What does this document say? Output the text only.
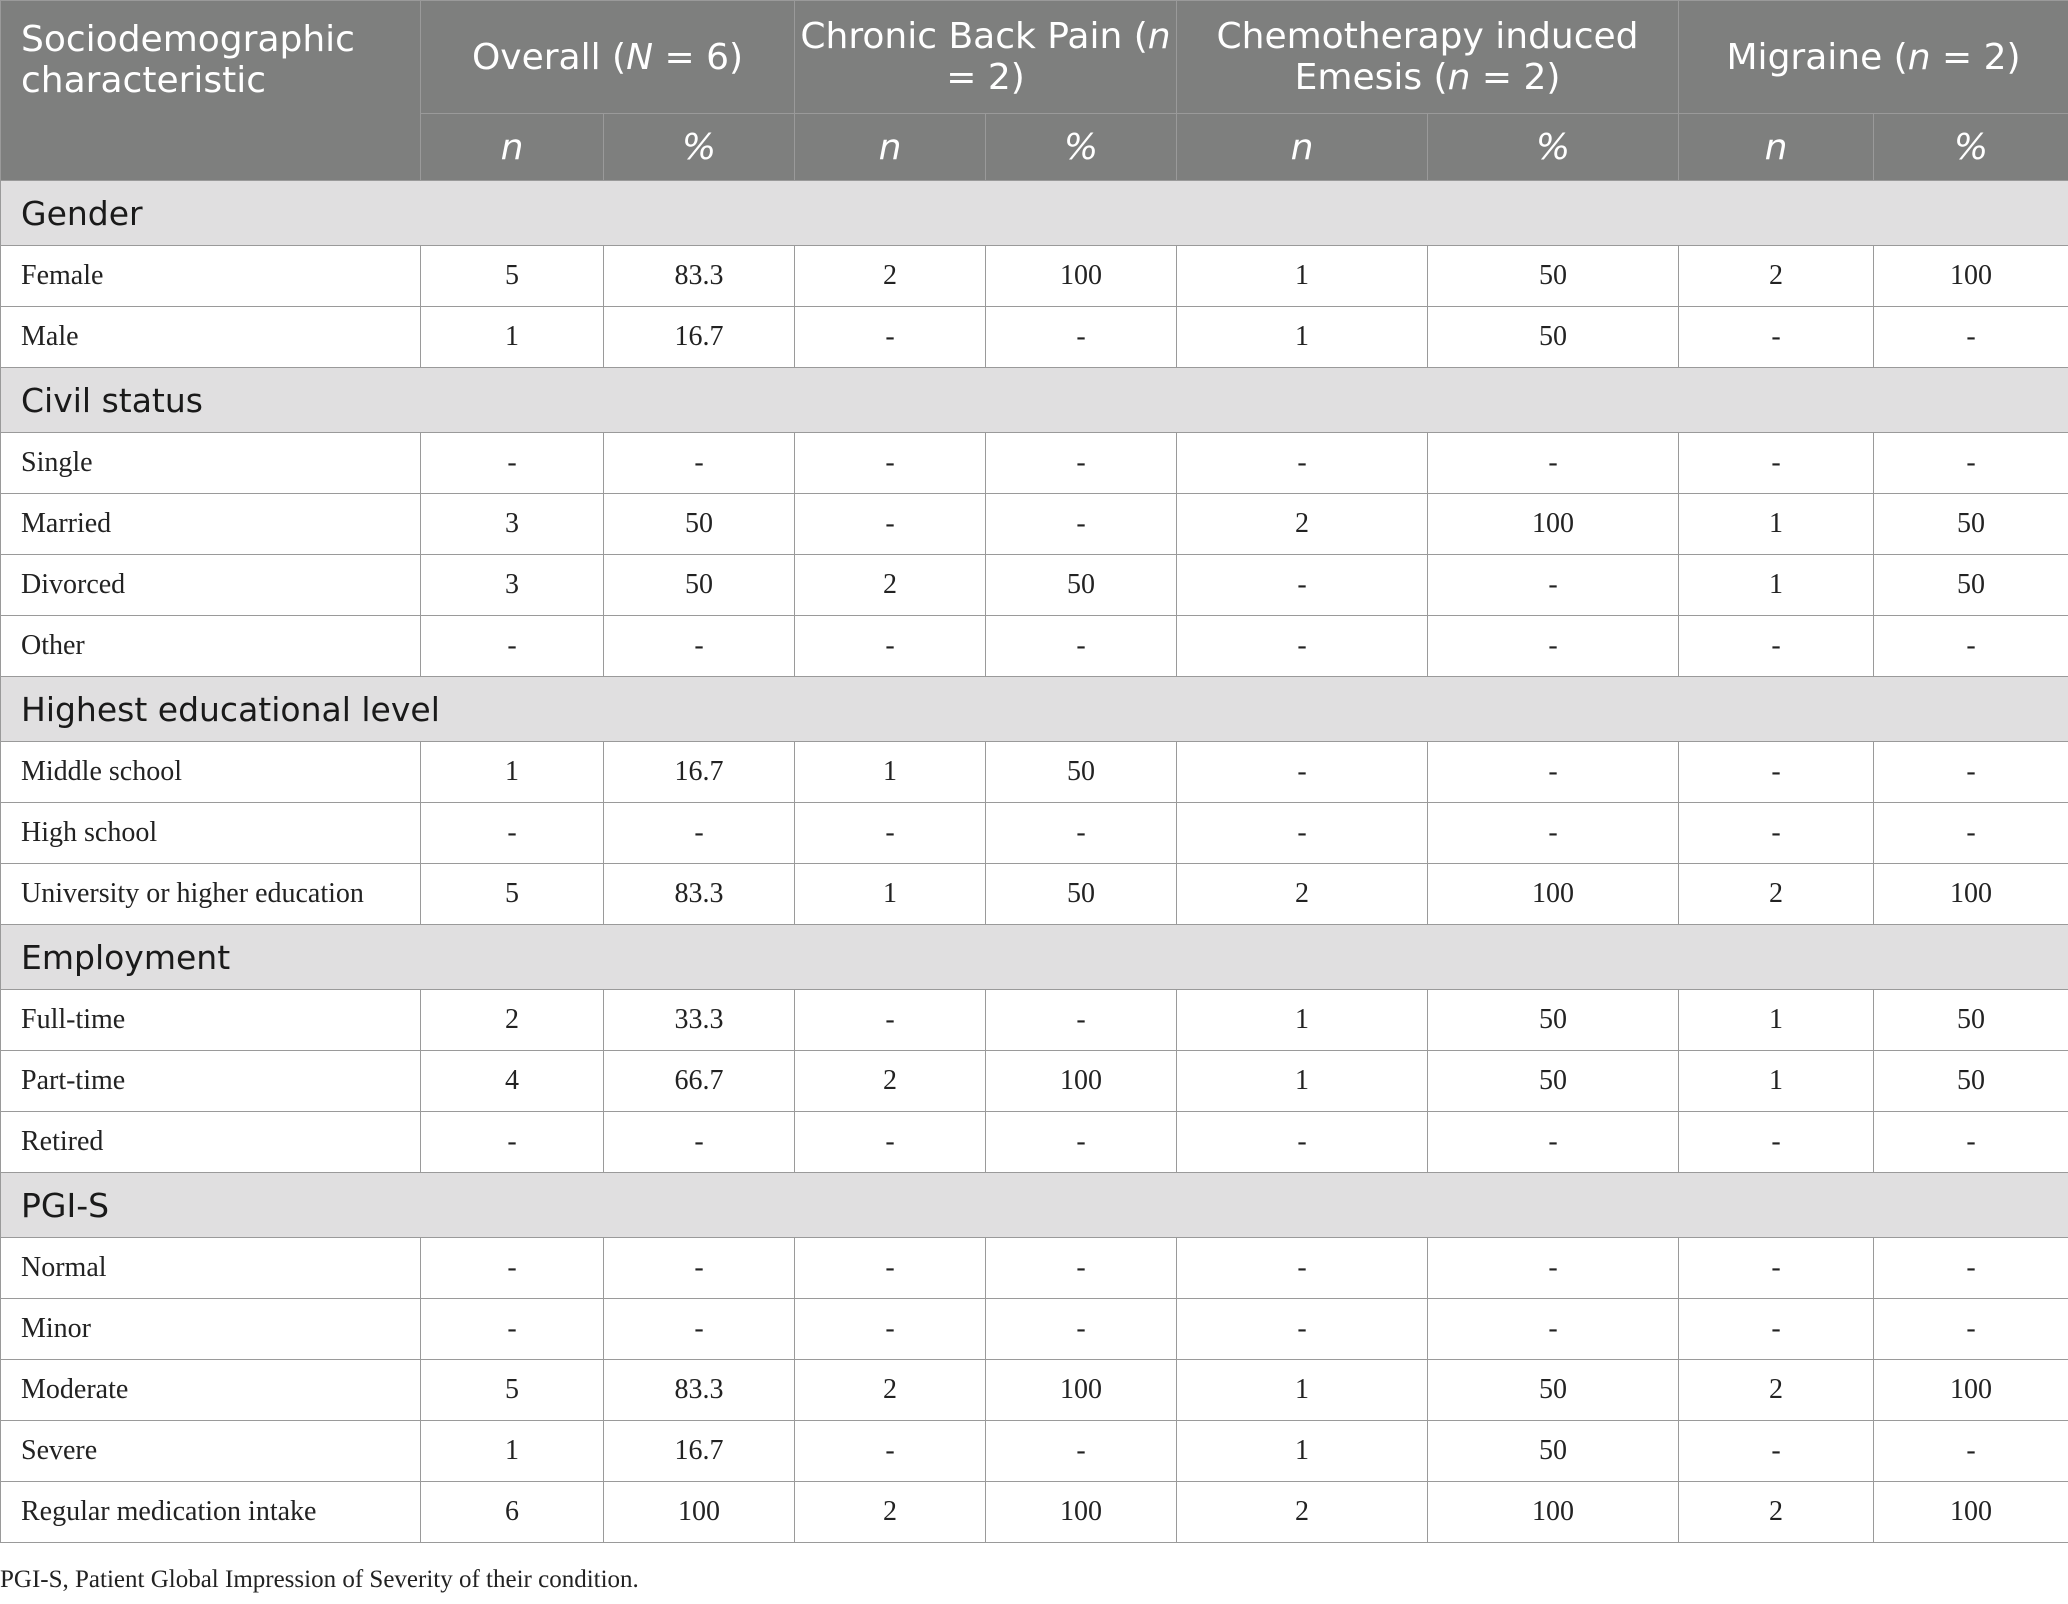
Sociodemographic characteristic	Overall (N = 6)		Chronic Back Pain (n = 2)		Chemotherapy induced Emesis (n = 2)		Migraine (n = 2)	
	n	%	n	%	n	%	n	%
Gender								
Female	5	83.3	2	100	1	50	2	100
Male	1	16.7	-	-	1	50	-	-
Civil status								
Single	-	-	-	-	-	-	-	-
Married	3	50	-	-	2	100	1	50
Divorced	3	50	2	50	-	-	1	50
Other	-	-	-	-	-	-	-	-
Highest educational level								
Middle school	1	16.7	1	50	-	-	-	-
High school	-	-	-	-	-	-	-	-
University or higher education	5	83.3	1	50	2	100	2	100
Employment								
Full-time	2	33.3	-	-	1	50	1	50
Part-time	4	66.7	2	100	1	50	1	50
Retired	-	-	-	-	-	-	-	-
PGI-S								
Normal	-	-	-	-	-	-	-	-
Minor	-	-	-	-	-	-	-	-
Moderate	5	83.3	2	100	1	50	2	100
Severe	1	16.7	-	-	1	50	-	-
Regular medication intake	6	100	2	100	2	100	2	100
PGI-S, Patient Global Impression of Severity of their condition.
